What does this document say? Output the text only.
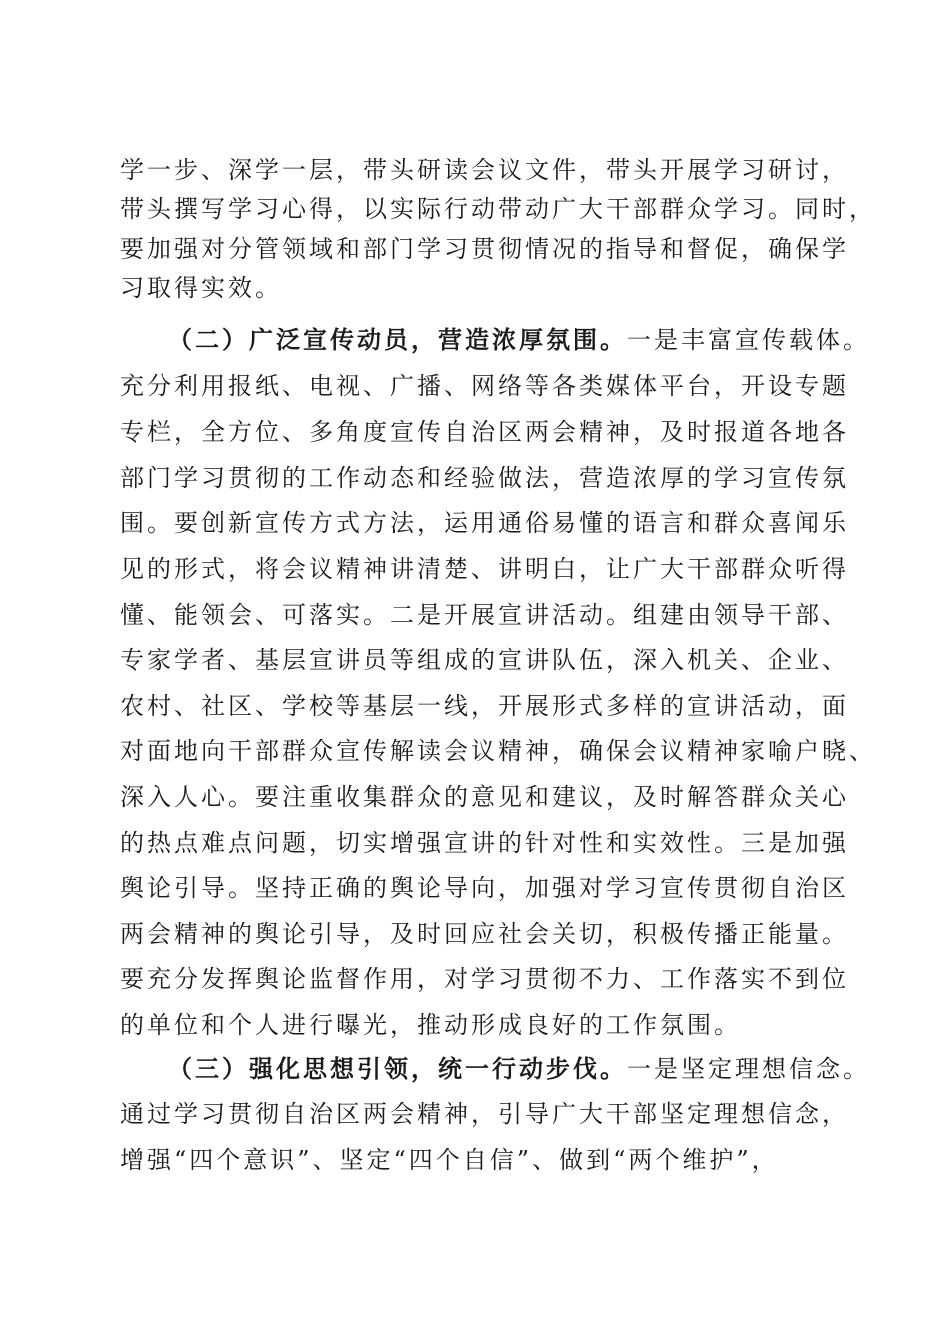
学一步、深学一层，带头研读会议文件，带头开展学习研讨，
带头撰写学习心得，以实际行动带动广大干部群众学习。同时，
要加强对分管领域和部门学习贯彻情况的指导和督促，确保学
习取得实效。
（二）广泛宣传动员，营造浓厚氛围。一是丰富宣传载体。
充分利用报纸、电视、广播、网络等各类媒体平台，开设专题
专栏，全方位、多角度宣传自治区两会精神，及时报道各地各
部门学习贯彻的工作动态和经验做法，营造浓厚的学习宣传氛
围。要创新宣传方式方法，运用通俗易懂的语言和群众喜闻乐
见的形式，将会议精神讲清楚、讲明白，让广大干部群众听得
懂、能领会、可落实。二是开展宣讲活动。组建由领导干部、
专家学者、基层宣讲员等组成的宣讲队伍，深入机关、企业、
农村、社区、学校等基层一线，开展形式多样的宣讲活动，面
对面地向干部群众宣传解读会议精神，确保会议精神家喻户晓、
深入人心。要注重收集群众的意见和建议，及时解答群众关心
的热点难点问题，切实增强宣讲的针对性和实效性。三是加强
舆论引导。坚持正确的舆论导向，加强对学习宣传贯彻自治区
两会精神的舆论引导，及时回应社会关切，积极传播正能量。
要充分发挥舆论监督作用，对学习贯彻不力、工作落实不到位
的单位和个人进行曝光，推动形成良好的工作氛围。
（三）强化思想引领，统一行动步伐。一是坚定理想信念。
通过学习贯彻自治区两会精神，引导广大干部坚定理想信念，
增强“四个意识”、坚定“四个自信”、做到“两个维护”，
